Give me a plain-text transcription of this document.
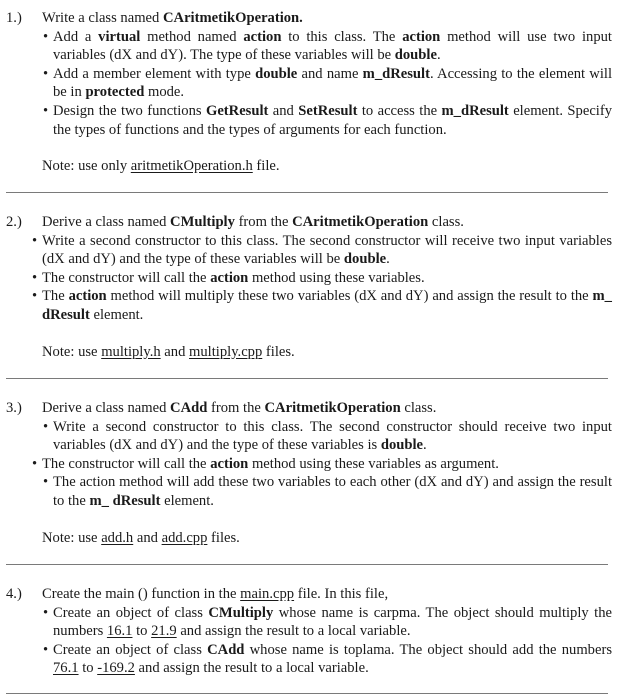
1.) Write a class named CAritmetikOperation.

• Add a virtual method named action to this class. The action method will use two input variables (dX and dY). The type of these variables will be double.
• Add a member element with type double and name m_dResult. Accessing to the element will be in protected mode.
• Design the two functions GetResult and SetResult to access the m_dResult element. Specify the types of functions and the types of arguments for each function.

Note: use only aritmetikOperation.h file.

2.) Derive a class named CMultiply from the CAritmetikOperation class.

• Write a second constructor to this class. The second constructor will receive two input variables (dX and dY) and the type of these variables will be double.
• The constructor will call the action method using these variables.
• The action method will multiply these two variables (dX and dY) and assign the result to the m_ dResult element.

Note: use multiply.h and multiply.cpp files.

3.) Derive a class named CAdd from the CAritmetikOperation class.

• Write a second constructor to this class. The second constructor should receive two input variables (dX and dY) and the type of these variables is double.
• The constructor will call the action method using these variables as argument.
• The action method will add these two variables to each other (dX and dY) and assign the result to the m_ dResult element.

Note: use add.h and add.cpp files.

4.) Create the main () function in the main.cpp file. In this file,

• Create an object of class CMultiply whose name is carpma. The object should multiply the numbers 16.1 to 21.9 and assign the result to a local variable.
• Create an object of class CAdd whose name is toplama. The object should add the numbers 76.1 to -169.2 and assign the result to a local variable.
